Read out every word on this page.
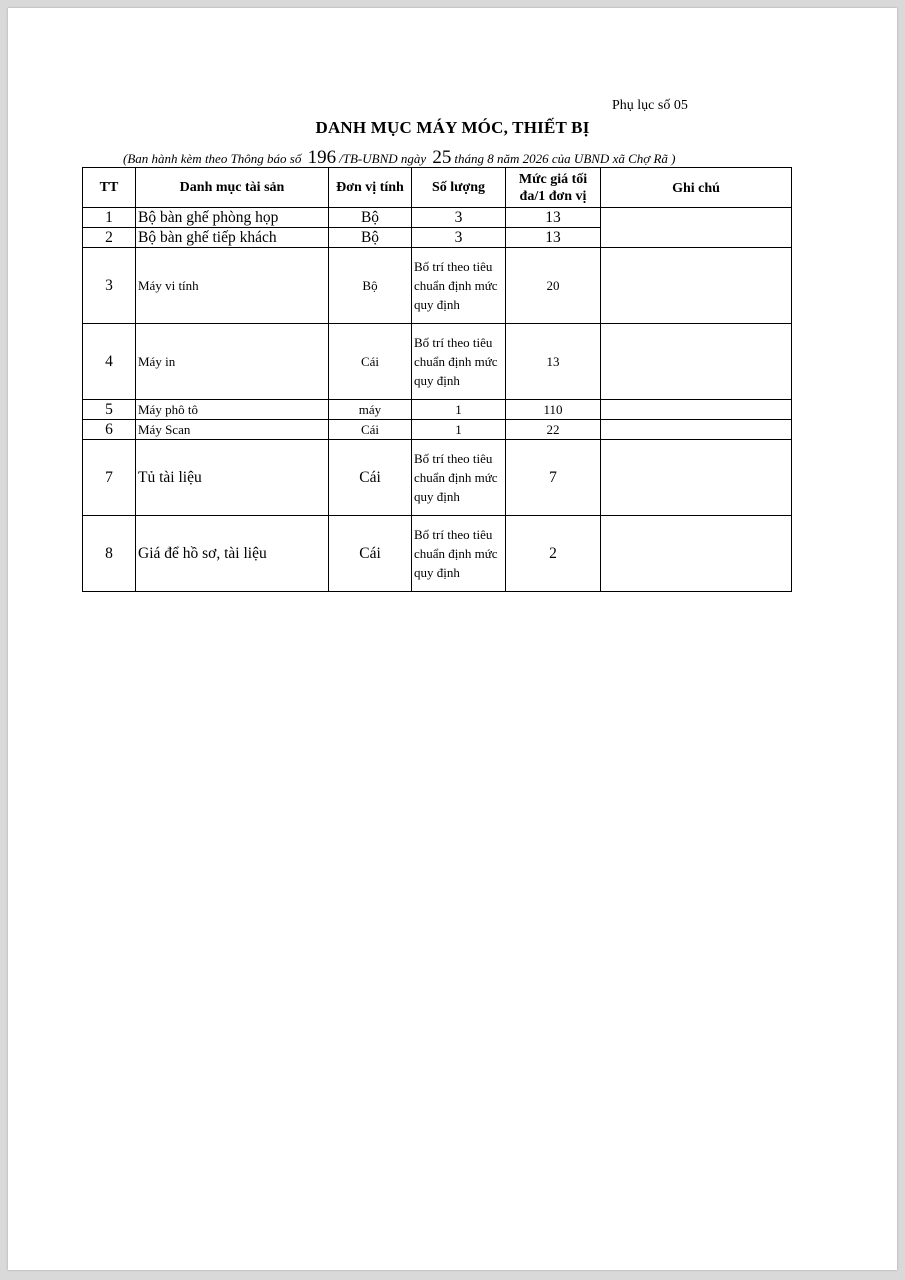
Phụ lục số 05
DANH MỤC MÁY MÓC, THIẾT BỊ
(Ban hành kèm theo Thông báo số 196 /TB-UBND ngày 25 tháng 8 năm 2026 của UBND xã Chợ Rã )
TT	Danh mục tài sản	Đơn vị tính	Số lượng	Mức giá tối đa/1 đơn vị	Ghi chú
1	Bộ bàn ghế phòng họp	Bộ	3	13	
2	Bộ bàn ghế tiếp khách	Bộ	3	13	
3	Máy vi tính	Bộ	Bố trí theo tiêu chuẩn định mức quy định	20	
4	Máy in	Cái	Bố trí theo tiêu chuẩn định mức quy định	13	
5	Máy phô tô	máy	1	110	
6	Máy Scan	Cái	1	22	
7	Tủ tài liệu	Cái	Bố trí theo tiêu chuẩn định mức quy định	7	
8	Giá để hồ sơ, tài liệu	Cái	Bố trí theo tiêu chuẩn định mức quy định	2	
